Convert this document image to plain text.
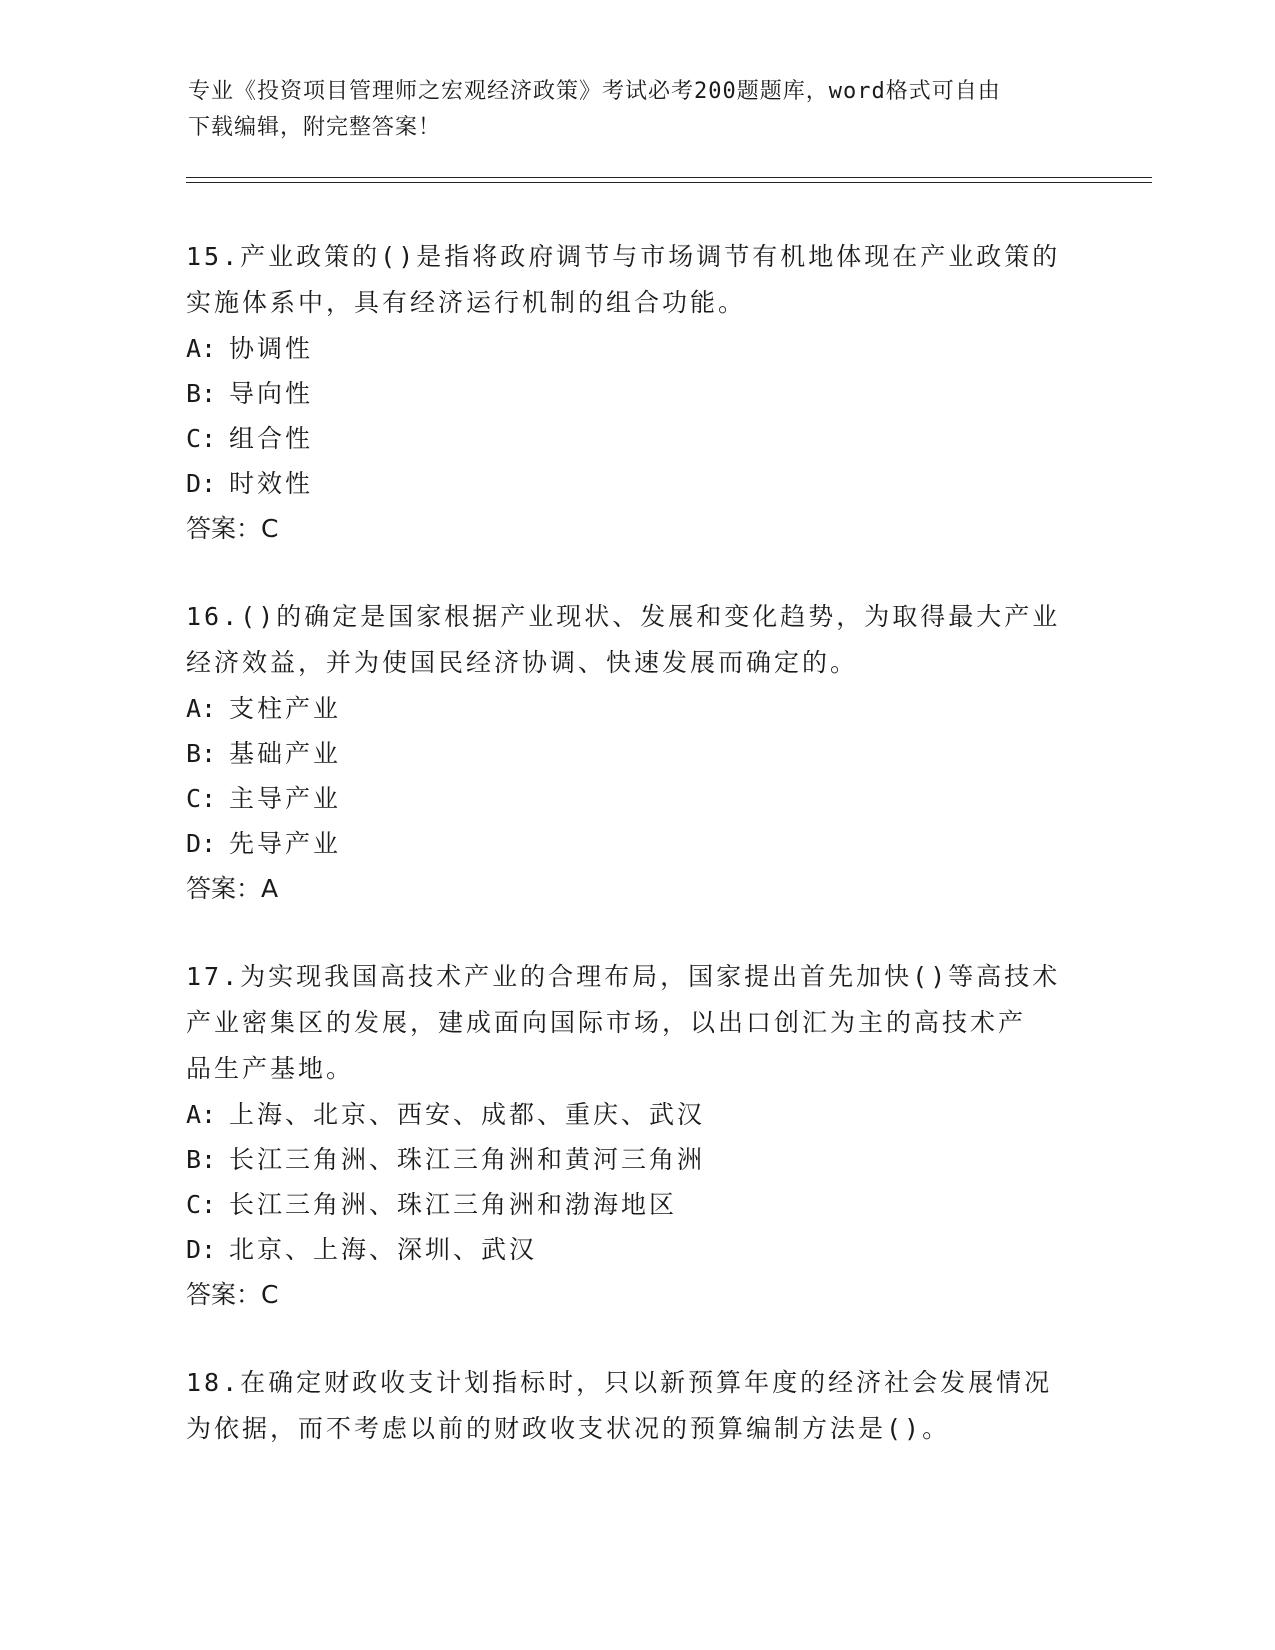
专业《投资项目管理师之宏观经济政策》考试必考200题题库，word格式可自由
下载编辑，附完整答案！

15.产业政策的()是指将政府调节与市场调节有机地体现在产业政策的

实施体系中，具有经济运行机制的组合功能。

A: 协调性

B: 导向性

C: 组合性

D: 时效性

答案：C

16.()的确定是国家根据产业现状、发展和变化趋势，为取得最大产业

经济效益，并为使国民经济协调、快速发展而确定的。

A: 支柱产业

B: 基础产业

C: 主导产业

D: 先导产业

答案：A

17.为实现我国高技术产业的合理布局，国家提出首先加快()等高技术

产业密集区的发展，建成面向国际市场，以出口创汇为主的高技术产

品生产基地。

A: 上海、北京、西安、成都、重庆、武汉

B: 长江三角洲、珠江三角洲和黄河三角洲

C: 长江三角洲、珠江三角洲和渤海地区

D: 北京、上海、深圳、武汉

答案：C

18.在确定财政收支计划指标时，只以新预算年度的经济社会发展情况

为依据，而不考虑以前的财政收支状况的预算编制方法是()。
